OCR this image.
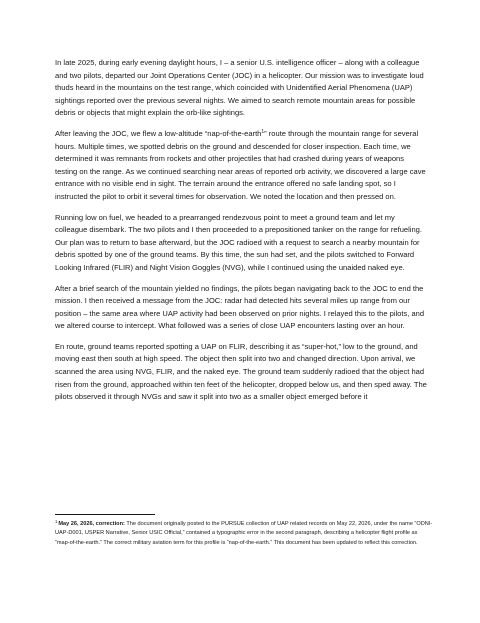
In late 2025, during early evening daylight hours, I – a senior U.S. intelligence officer – along with a colleague and two pilots, departed our Joint Operations Center (JOC) in a helicopter. Our mission was to investigate loud thuds heard in the mountains on the test range, which coincided with Unidentified Aerial Phenomena (UAP) sightings reported over the previous several nights. We aimed to search remote mountain areas for possible debris or objects that might explain the orb-like sightings.

After leaving the JOC, we flew a low-altitude “nap-of-the-earth$^1$” route through the mountain range for several hours. Multiple times, we spotted debris on the ground and descended for closer inspection. Each time, we determined it was remnants from rockets and other projectiles that had crashed during years of weapons testing on the range. As we continued searching near areas of reported orb activity, we discovered a large cave entrance with no visible end in sight. The terrain around the entrance offered no safe landing spot, so I instructed the pilot to orbit it several times for observation. We noted the location and then pressed on.

Running low on fuel, we headed to a prearranged rendezvous point to meet a ground team and let my colleague disembark. The two pilots and I then proceeded to a prepositioned tanker on the range for refueling. Our plan was to return to base afterward, but the JOC radioed with a request to search a nearby mountain for debris spotted by one of the ground teams. By this time, the sun had set, and the pilots switched to Forward Looking Infrared (FLIR) and Night Vision Goggles (NVG), while I continued using the unaided naked eye.

After a brief search of the mountain yielded no findings, the pilots began navigating back to the JOC to end the mission. I then received a message from the JOC: radar had detected hits several miles up range from our position – the same area where UAP activity had been observed on prior nights. I relayed this to the pilots, and we altered course to intercept. What followed was a series of close UAP encounters lasting over an hour.

En route, ground teams reported spotting a UAP on FLIR, describing it as “super-hot,” low to the ground, and moving east then south at high speed. The object then split into two and changed direction. Upon arrival, we scanned the area using NVG, FLIR, and the naked eye. The ground team suddenly radioed that the object had risen from the ground, approached within ten feet of the helicopter, dropped below us, and then sped away. The pilots observed it through NVGs and saw it split into two as a smaller object emerged before it

$^1$May 26, 2026, correction: The document originally posted to the PURSUE collection of UAP related records on May 22, 2026, under the name “ODNI-UAP-D001, USPER Narrative, Senior USIC Official,” contained a typographic error in the second paragraph, describing a helicopter flight profile as “map-of-the-earth.” The correct military aviation term for this profile is “nap-of-the-earth.” This document has been updated to reflect this correction.
